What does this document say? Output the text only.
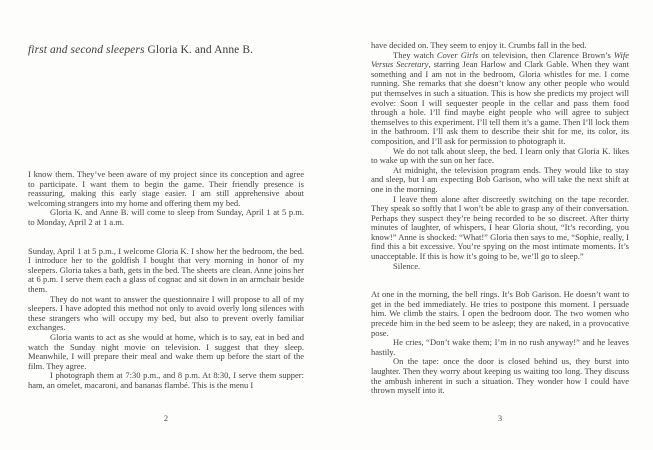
first and second sleepers Gloria K. and Anne B.

I know them. They’ve been aware of my project since its conception and agree to participate. I want them to begin the game. Their friendly presence is reassuring, making this early stage easier. I am still apprehensive about welcoming strangers into my home and offering them my bed.

Gloria K. and Anne B. will come to sleep from Sunday, April 1 at 5 p.m. to Monday, April 2 at 1 a.m.

Sunday, April 1 at 5 p.m., I welcome Gloria K. I show her the bedroom, the bed. I introduce her to the goldfish I bought that very morning in honor of my sleepers. Gloria takes a bath, gets in the bed. The sheets are clean. Anne joins her at 6 p.m. I serve them each a glass of cognac and sit down in an armchair beside them.

They do not want to answer the questionnaire I will propose to all of my sleepers. I have adopted this method not only to avoid overly long silences with these strangers who will occupy my bed, but also to prevent overly familiar exchanges.

Gloria wants to act as she would at home, which is to say, eat in bed and watch the Sunday night movie on television. I suggest that they sleep. Meanwhile, I will prepare their meal and wake them up before the start of the film. They agree.

I photograph them at 7:30 p.m., and 8 p.m. At 8:30, I serve them supper: ham, an omelet, macaroni, and bananas flambé. This is the menu I

2

have decided on. They seem to enjoy it. Crumbs fall in the bed.

They watch Cover Girls on television, then Clarence Brown’s Wife Versus Secretary, starring Jean Harlow and Clark Gable. When they want something and I am not in the bedroom, Gloria whistles for me. I come running. She remarks that she doesn’t know any other people who would put themselves in such a situation. This is how she predicts my project will evolve: Soon I will sequester people in the cellar and pass them food through a hole. I’ll find maybe eight people who will agree to subject themselves to this experiment. I’ll tell them it’s a game. Then I’ll lock them in the bathroom. I’ll ask them to describe their shit for me, its color, its composition, and I’ll ask for permission to photograph it.

We do not talk about sleep, the bed. I learn only that Gloria K. likes to wake up with the sun on her face.

At midnight, the television program ends. They would like to stay and sleep, but I am expecting Bob Garison, who will take the next shift at one in the morning.

I leave them alone after discreetly switching on the tape recorder. They speak so softly that I won’t be able to grasp any of their conversation. Perhaps they suspect they’re being recorded to be so discreet. After thirty minutes of laughter, of whispers, I hear Gloria shout, “It’s recording, you know!” Anne is shocked: “What!” Gloria then says to me, “Sophie, really, I find this a bit excessive. You’re spying on the most intimate moments. It’s unacceptable. If this is how it’s going to be, we’ll go to sleep.”

Silence.

At one in the morning, the bell rings. It’s Bob Garison. He doesn’t want to get in the bed immediately. He tries to postpone this moment. I persuade him. We climb the stairs. I open the bedroom door. The two women who precede him in the bed seem to be asleep; they are naked, in a provocative pose.

He cries, “Don’t wake them; I’m in no rush anyway!” and he leaves hastily.

On the tape: once the door is closed behind us, they burst into laughter. Then they worry about keeping us waiting too long. They discuss the ambush inherent in such a situation. They wonder how I could have thrown myself into it.

3
